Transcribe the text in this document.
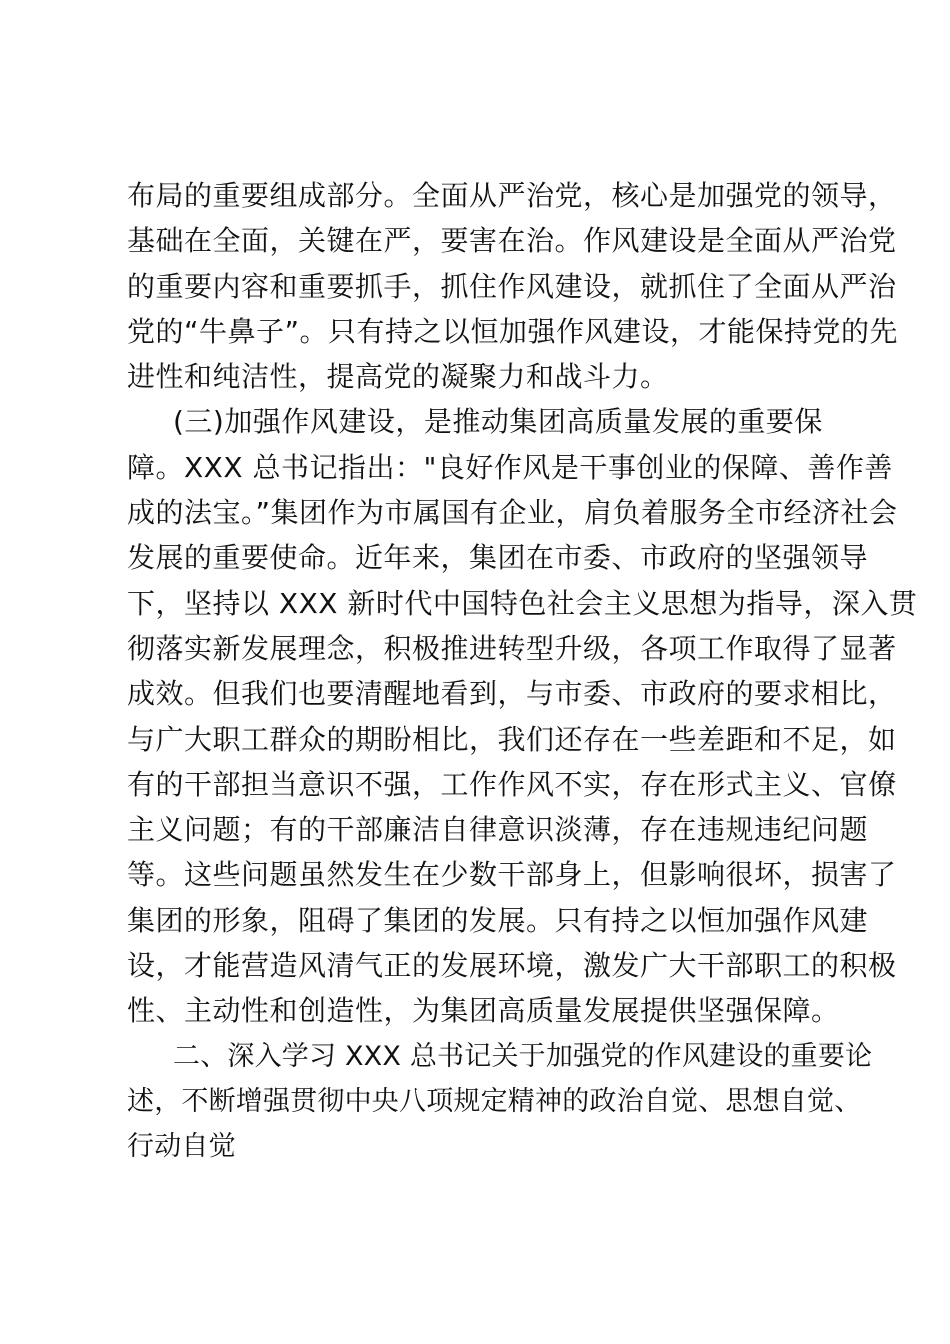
布局的重要组成部分。全面从严治党，核心是加强党的领导，
基础在全面，关键在严，要害在治。作风建设是全面从严治党
的重要内容和重要抓手，抓住作风建设，就抓住了全面从严治
党的“牛鼻子”。只有持之以恒加强作风建设，才能保持党的先
进性和纯洁性，提高党的凝聚力和战斗力。
(三)加强作风建设，是推动集团高质量发展的重要保
障。XXX 总书记指出："良好作风是干事创业的保障、善作善
成的法宝。”集团作为市属国有企业，肩负着服务全市经济社会
发展的重要使命。近年来，集团在市委、市政府的坚强领导
下，坚持以 XXX 新时代中国特色社会主义思想为指导，深入贯
彻落实新发展理念，积极推进转型升级，各项工作取得了显著
成效。但我们也要清醒地看到，与市委、市政府的要求相比，
与广大职工群众的期盼相比，我们还存在一些差距和不足，如
有的干部担当意识不强，工作作风不实，存在形式主义、官僚
主义问题；有的干部廉洁自律意识淡薄，存在违规违纪问题
等。这些问题虽然发生在少数干部身上，但影响很坏，损害了
集团的形象，阻碍了集团的发展。只有持之以恒加强作风建
设，才能营造风清气正的发展环境，激发广大干部职工的积极
性、主动性和创造性，为集团高质量发展提供坚强保障。
二、深入学习 XXX 总书记关于加强党的作风建设的重要论
述，不断增强贯彻中央八项规定精神的政治自觉、思想自觉、
行动自觉
